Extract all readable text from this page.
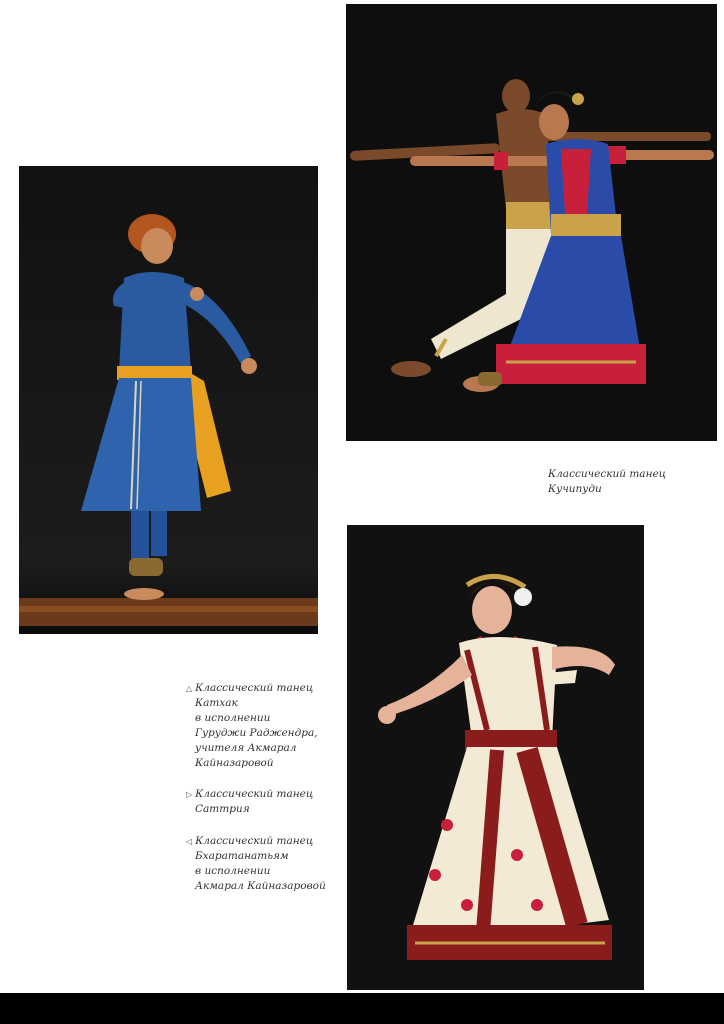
Классический танец
Кучипуди
△ Классический танец
Катхак
в исполнении
Гуруджи Раджендра,
учителя Акмарал
Кайназаровой
▷ Классический танец
Саттрия
◁ Классический танец
Бхаратанатьям
в исполнении
Акмарал Кайназаровой
